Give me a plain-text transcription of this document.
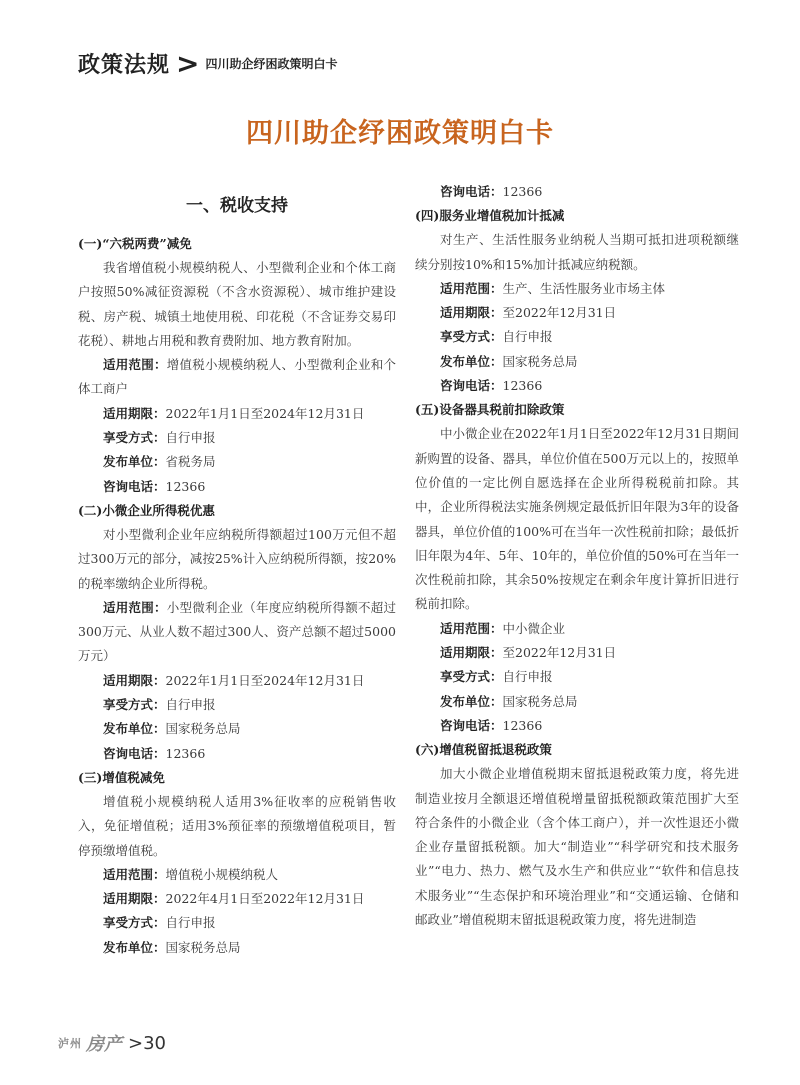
政策法规 > 四川助企纾困政策明白卡
四川助企纾困政策明白卡
一、税收支持
(一)“六税两费”减免
我省增值税小规模纳税人、小型微利企业和个体工商户按照50%减征资源税（不含水资源税）、城市维护建设税、房产税、城镇土地使用税、印花税（不含证券交易印花税）、耕地占用税和教育费附加、地方教育附加。
适用范围：增值税小规模纳税人、小型微利企业和个体工商户
适用期限：2022年1月1日至2024年12月31日
享受方式：自行申报
发布单位：省税务局
咨询电话：12366
(二)小微企业所得税优惠
对小型微利企业年应纳税所得额超过100万元但不超过300万元的部分，减按25%计入应纳税所得额，按20%的税率缴纳企业所得税。
适用范围：小型微利企业（年度应纳税所得额不超过300万元、从业人数不超过300人、资产总额不超过5000万元）
适用期限：2022年1月1日至2024年12月31日
享受方式：自行申报
发布单位：国家税务总局
咨询电话：12366
(三)增值税减免
增值税小规模纳税人适用3%征收率的应税销售收入，免征增值税；适用3%预征率的预缴增值税项目，暂停预缴增值税。
适用范围：增值税小规模纳税人
适用期限：2022年4月1日至2022年12月31日
享受方式：自行申报
发布单位：国家税务总局
咨询电话：12366
(四)服务业增值税加计抵减
对生产、生活性服务业纳税人当期可抵扣进项税额继续分别按10%和15%加计抵减应纳税额。
适用范围：生产、生活性服务业市场主体
适用期限：至2022年12月31日
享受方式：自行申报
发布单位：国家税务总局
咨询电话：12366
(五)设备器具税前扣除政策
中小微企业在2022年1月1日至2022年12月31日期间新购置的设备、器具，单位价值在500万元以上的，按照单位价值的一定比例自愿选择在企业所得税税前扣除。其中，企业所得税法实施条例规定最低折旧年限为3年的设备器具，单位价值的100%可在当年一次性税前扣除；最低折旧年限为4年、5年、10年的，单位价值的50%可在当年一次性税前扣除，其余50%按规定在剩余年度计算折旧进行税前扣除。
适用范围：中小微企业
适用期限：至2022年12月31日
享受方式：自行申报
发布单位：国家税务总局
咨询电话：12366
(六)增值税留抵退税政策
加大小微企业增值税期末留抵退税政策力度，将先进制造业按月全额退还增值税增量留抵税额政策范围扩大至符合条件的小微企业（含个体工商户），并一次性退还小微企业存量留抵税额。加大“制造业”“科学研究和技术服务业”“电力、热力、燃气及水生产和供应业”“软件和信息技术服务业”“生态保护和环境治理业”和“交通运输、仓储和邮政业”增值税期末留抵退税政策力度，将先进制造
泸州 房产 >30
